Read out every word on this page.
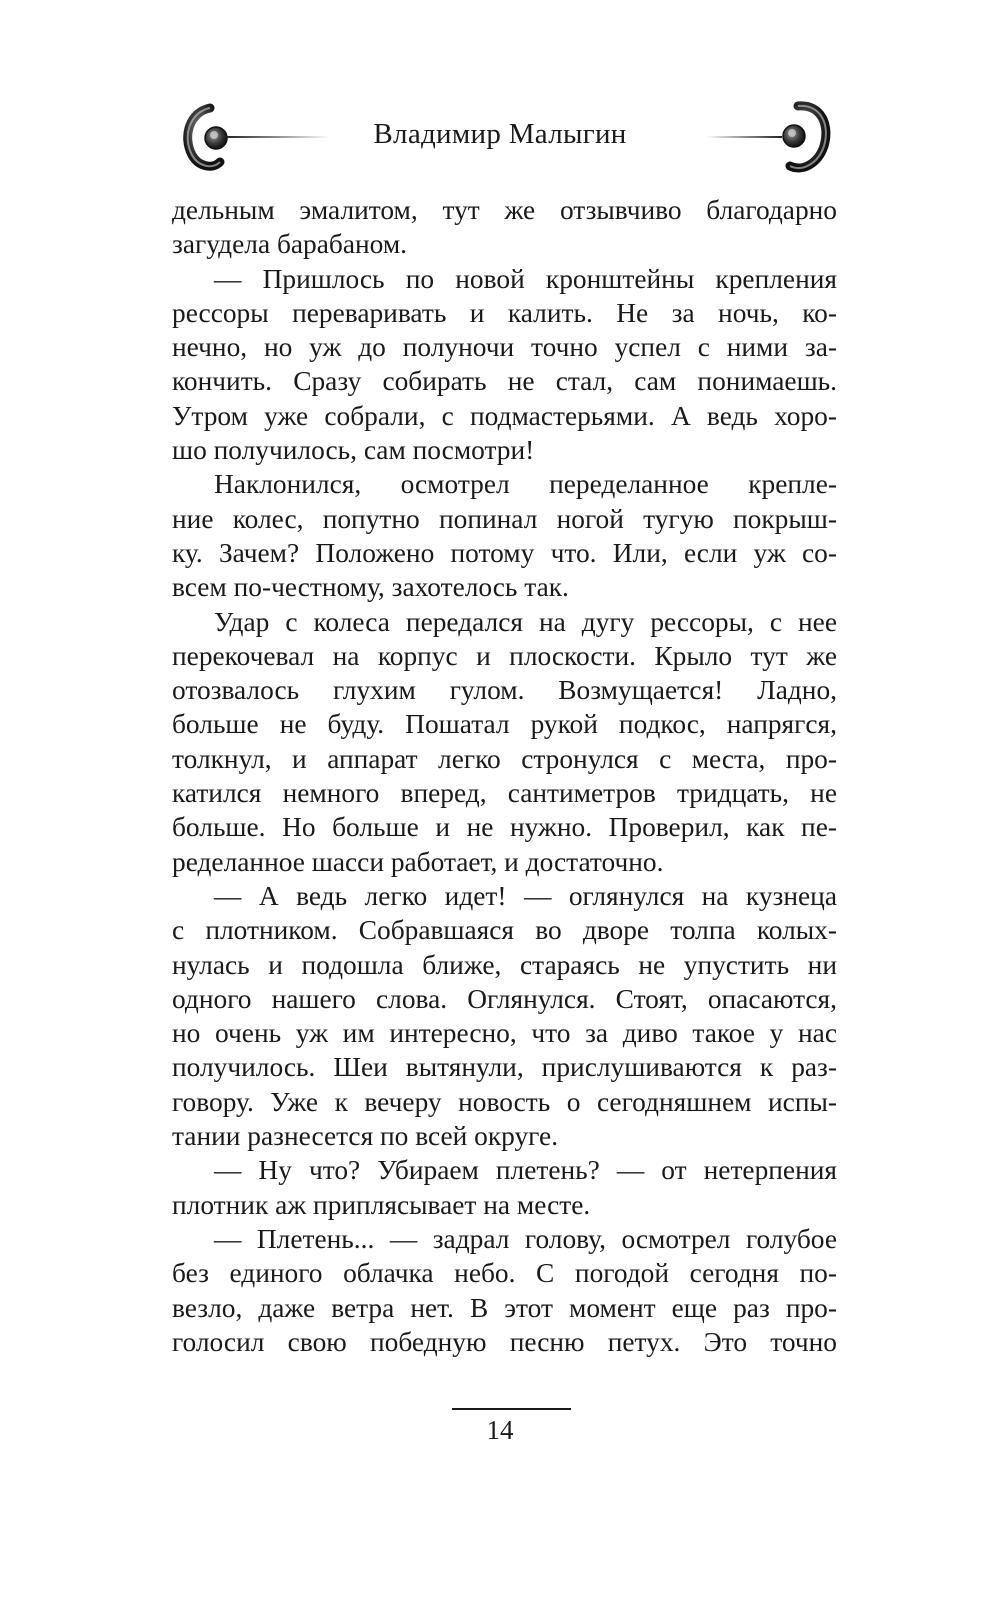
Владимир Малыгин
дельным эмалитом, тут же отзывчиво благодарно
загудела барабаном.
— Пришлось по новой кронштейны крепления
рессоры переваривать и калить. Не за ночь, ко-
нечно, но уж до полуночи точно успел с ними за-
кончить. Сразу собирать не стал, сам понимаешь.
Утром уже собрали, с подмастерьями. А ведь хоро-
шо получилось, сам посмотри!
Наклонился, осмотрел переделанное крепле-
ние колес, попутно попинал ногой тугую покрыш-
ку. Зачем? Положено потому что. Или, если уж со-
всем по-честному, захотелось так.
Удар с колеса передался на дугу рессоры, с нее
перекочевал на корпус и плоскости. Крыло тут же
отозвалось глухим гулом. Возмущается! Ладно,
больше не буду. Пошатал рукой подкос, напрягся,
толкнул, и аппарат легко стронулся с места, про-
катился немного вперед, сантиметров тридцать, не
больше. Но больше и не нужно. Проверил, как пе-
ределанное шасси работает, и достаточно.
— А ведь легко идет! — оглянулся на кузнеца
с плотником. Собравшаяся во дворе толпа колых-
нулась и подошла ближе, стараясь не упустить ни
одного нашего слова. Оглянулся. Стоят, опасаются,
но очень уж им интересно, что за диво такое у нас
получилось. Шеи вытянули, прислушиваются к раз-
говору. Уже к вечеру новость о сегодняшнем испы-
тании разнесется по всей округе.
— Ну что? Убираем плетень? — от нетерпения
плотник аж приплясывает на месте.
— Плетень... — задрал голову, осмотрел голубое
без единого облачка небо. С погодой сегодня по-
везло, даже ветра нет. В этот момент еще раз про-
голосил свою победную песню петух. Это точно
14
